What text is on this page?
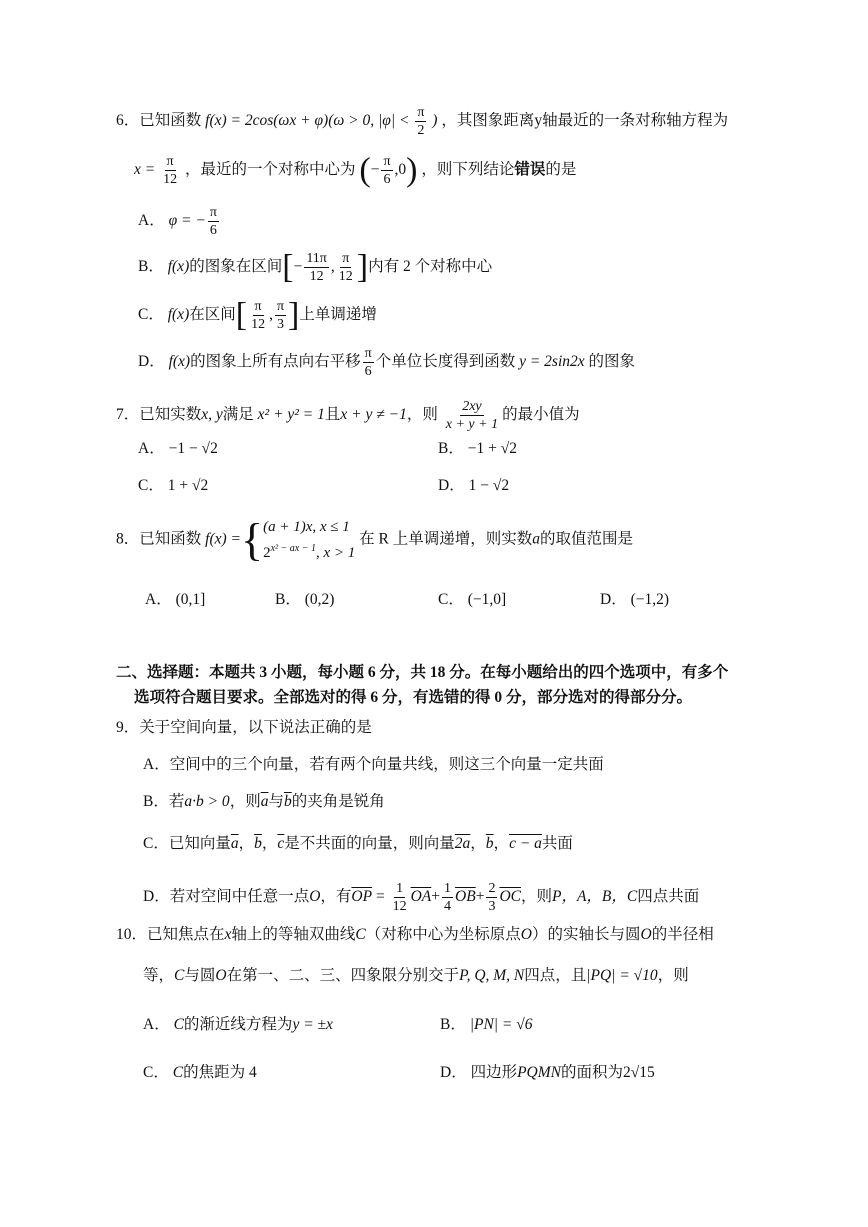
6．已知函数 f(x) = 2cos(ωx + φ)(ω > 0, $|\varphi| < \frac{\pi}{2}$ ) ，其图象距离y轴最近的一条对称轴方程为
$x = \frac{\pi}{12}$ ，最近的一个对称中心为 (− $\frac{\pi}{6} ,0$) ，则下列结论错误的是
A． φ = − $\frac{\pi}{6}$
B． f(x)的图象在区间[− $\frac{11\pi}{12}$ , $\frac{\pi}{12}$ ]内有 2 个对称中心
C． f(x)在区间[ $\frac{\pi}{12}$ , $\frac{\pi}{3}$ ]上单调递增
D． f(x)的图象上所有点向右平移 $\frac{\pi}{6}$ 个单位长度得到函数 y = 2sin2x 的图象
7．已知实数x, y满足 x² + y² = 1且x + y ≠ −1，则 $\frac{2xy}{x + y + 1}$ 的最小值为
A． −1 − √2	B． −1 + √2
C． 1 + √2	D． 1 − √2
8．已知函数 f(x) ={ (a + 1)x, x ≤ 1
$2^{x^2 - ax - 1}$, x > 1
在 R 上单调递增，则实数a的取值范围是
A． (0,1]	B． (0,2)	C． (−1,0]	D． (−1,2)
二、选择题：本题共 3 小题，每小题 6 分，共 18 分。在每小题给出的四个选项中，有多个
选项符合题目要求。全部选对的得 6 分，有选错的得 0 分，部分选对的得部分分。
9．关于空间向量，以下说法正确的是
A．空间中的三个向量，若有两个向量共线，则这三个向量一定共面
B．若a·b > 0，则$\overline{a}$与$\overline{b}$的夹角是锐角
C．已知向量$\overline{a}$，$\overline{b}$，$\overline{c}$是不共面的向量，则向量2a，$\overline{b}$，c − a共面
D．若对空间中任意一点O，有$\overline{OP} = \frac{1}{12} \overline{OA}+ \frac{1}{4} \overline{OB}+ \frac{2}{3} \overline{OC}$，则P，A，B，C四点共面
10．已知焦点在x轴上的等轴双曲线C（对称中心为坐标原点O）的实轴长与圆O的半径相
等，C与圆O在第一、二、三、四象限分别交于P, Q, M, N四点，且|PQ| = √10，则
A． C的渐近线方程为y = ±x	B． |PN| = √6
C． C的焦距为 4	D． 四边形PQMN的面积为2√15
